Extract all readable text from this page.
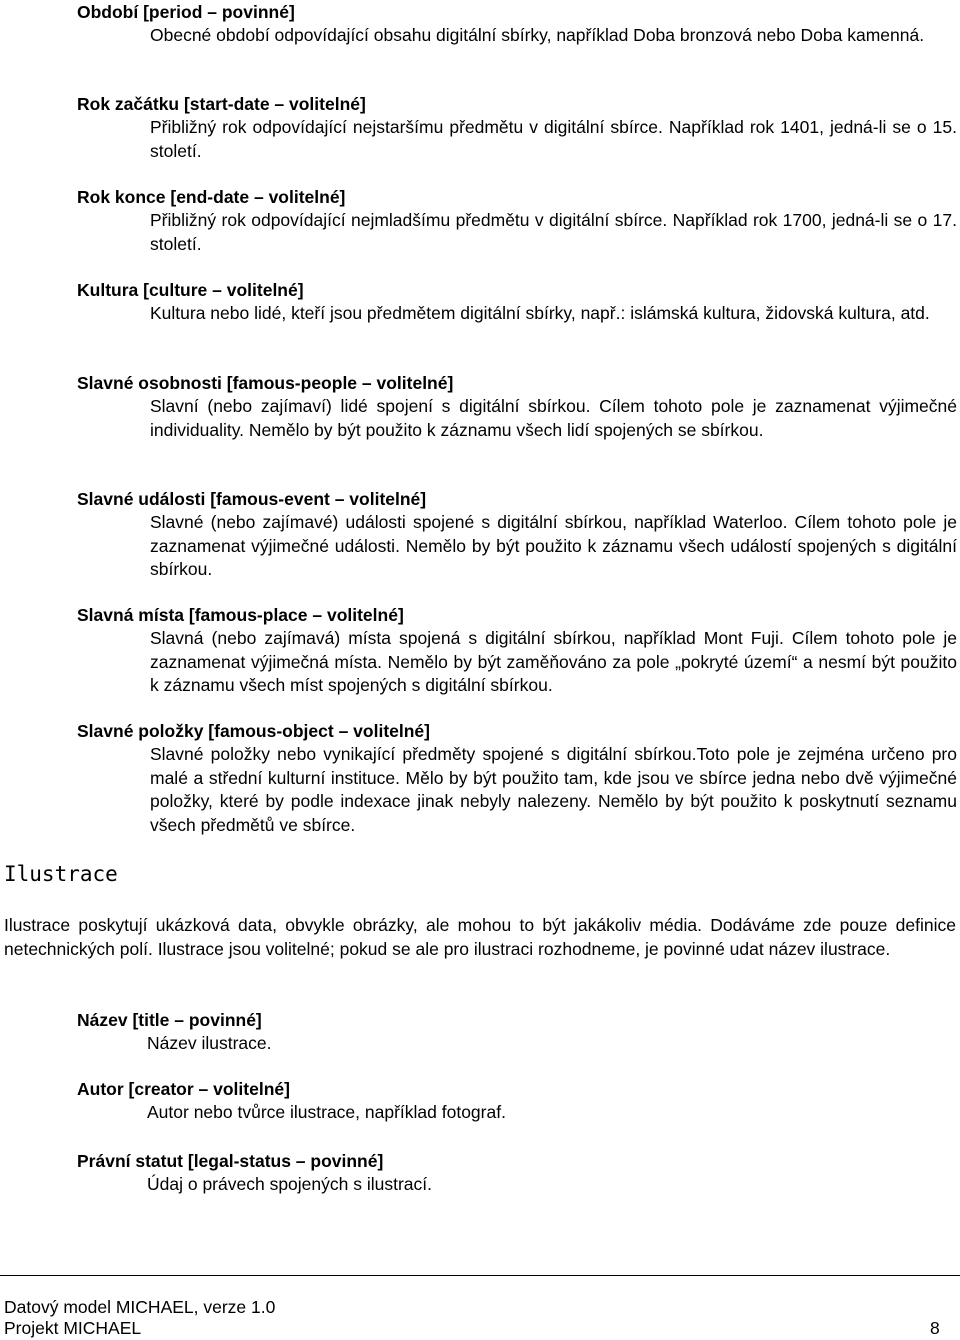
Období [period – povinné]
Obecné období odpovídající obsahu digitální sbírky, například Doba bronzová nebo Doba kamenná.
Rok začátku [start-date – volitelné]
Přibližný rok odpovídající nejstaršímu předmětu v digitální sbírce. Například rok 1401, jedná-li se o 15. století.
Rok konce [end-date – volitelné]
Přibližný rok odpovídající nejmladšímu předmětu v digitální sbírce. Například rok 1700, jedná-li se o 17. století.
Kultura [culture – volitelné]
Kultura nebo lidé, kteří jsou předmětem digitální sbírky, např.: islámská kultura, židovská kultura, atd.
Slavné osobnosti [famous-people – volitelné]
Slavní (nebo zajímaví) lidé spojení s digitální sbírkou. Cílem tohoto pole je zaznamenat výjimečné individuality. Nemělo by být použito k záznamu všech lidí spojených se sbírkou.
Slavné události [famous-event – volitelné]
Slavné (nebo zajímavé) události spojené s digitální sbírkou, například Waterloo. Cílem tohoto pole je zaznamenat výjimečné události. Nemělo by být použito k záznamu všech událostí spojených s digitální sbírkou.
Slavná místa [famous-place – volitelné]
Slavná (nebo zajímavá) místa spojená s digitální sbírkou, například Mont Fuji. Cílem tohoto pole je zaznamenat výjimečná místa. Nemělo by být zaměňováno za pole „pokryté území“ a nesmí být použito k záznamu všech míst spojených s digitální sbírkou.
Slavné položky [famous-object – volitelné]
Slavné položky nebo vynikající předměty spojené s digitální sbírkou.Toto pole je zejména určeno pro malé a střední kulturní instituce. Mělo by být použito tam, kde jsou ve sbírce jedna nebo dvě výjimečné položky, které by podle indexace jinak nebyly nalezeny. Nemělo by být použito k poskytnutí seznamu všech předmětů ve sbírce.
Ilustrace
Ilustrace poskytují ukázková data, obvykle obrázky, ale mohou to být jakákoliv média. Dodáváme zde pouze definice netechnických polí. Ilustrace jsou volitelné; pokud se ale pro ilustraci rozhodneme, je povinné udat název ilustrace.
Název [title – povinné]
Název ilustrace.
Autor [creator – volitelné]
Autor nebo tvůrce ilustrace, například fotograf.
Právní statut [legal-status – povinné]
Údaj o právech spojených s ilustrací.
Datový model MICHAEL, verze 1.0
Projekt MICHAEL	8
